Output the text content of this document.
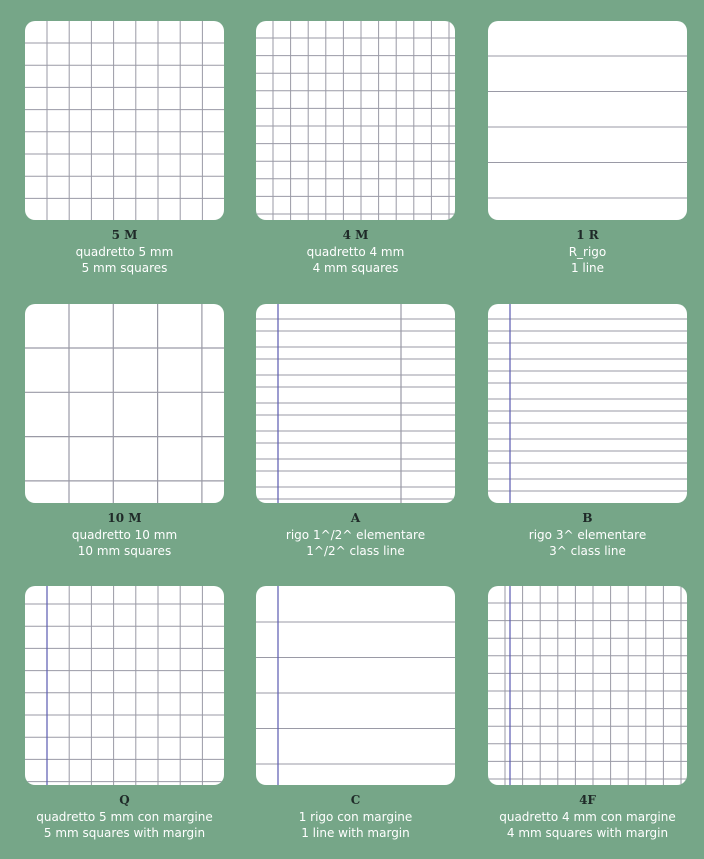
5 M
quadretto 5 mm
5 mm squares
4 M
quadretto 4 mm
4 mm squares
1 R
R_rigo
1 line
10 M
quadretto 10 mm
10 mm squares
A
rigo 1^/2^ elementare
1^/2^ class line
B
rigo 3^ elementare
3^ class line
Q
quadretto 5 mm con margine
5 mm squares with margin
C
1 rigo con margine
1 line with margin
4F
quadretto 4 mm con margine
4 mm squares with margin
